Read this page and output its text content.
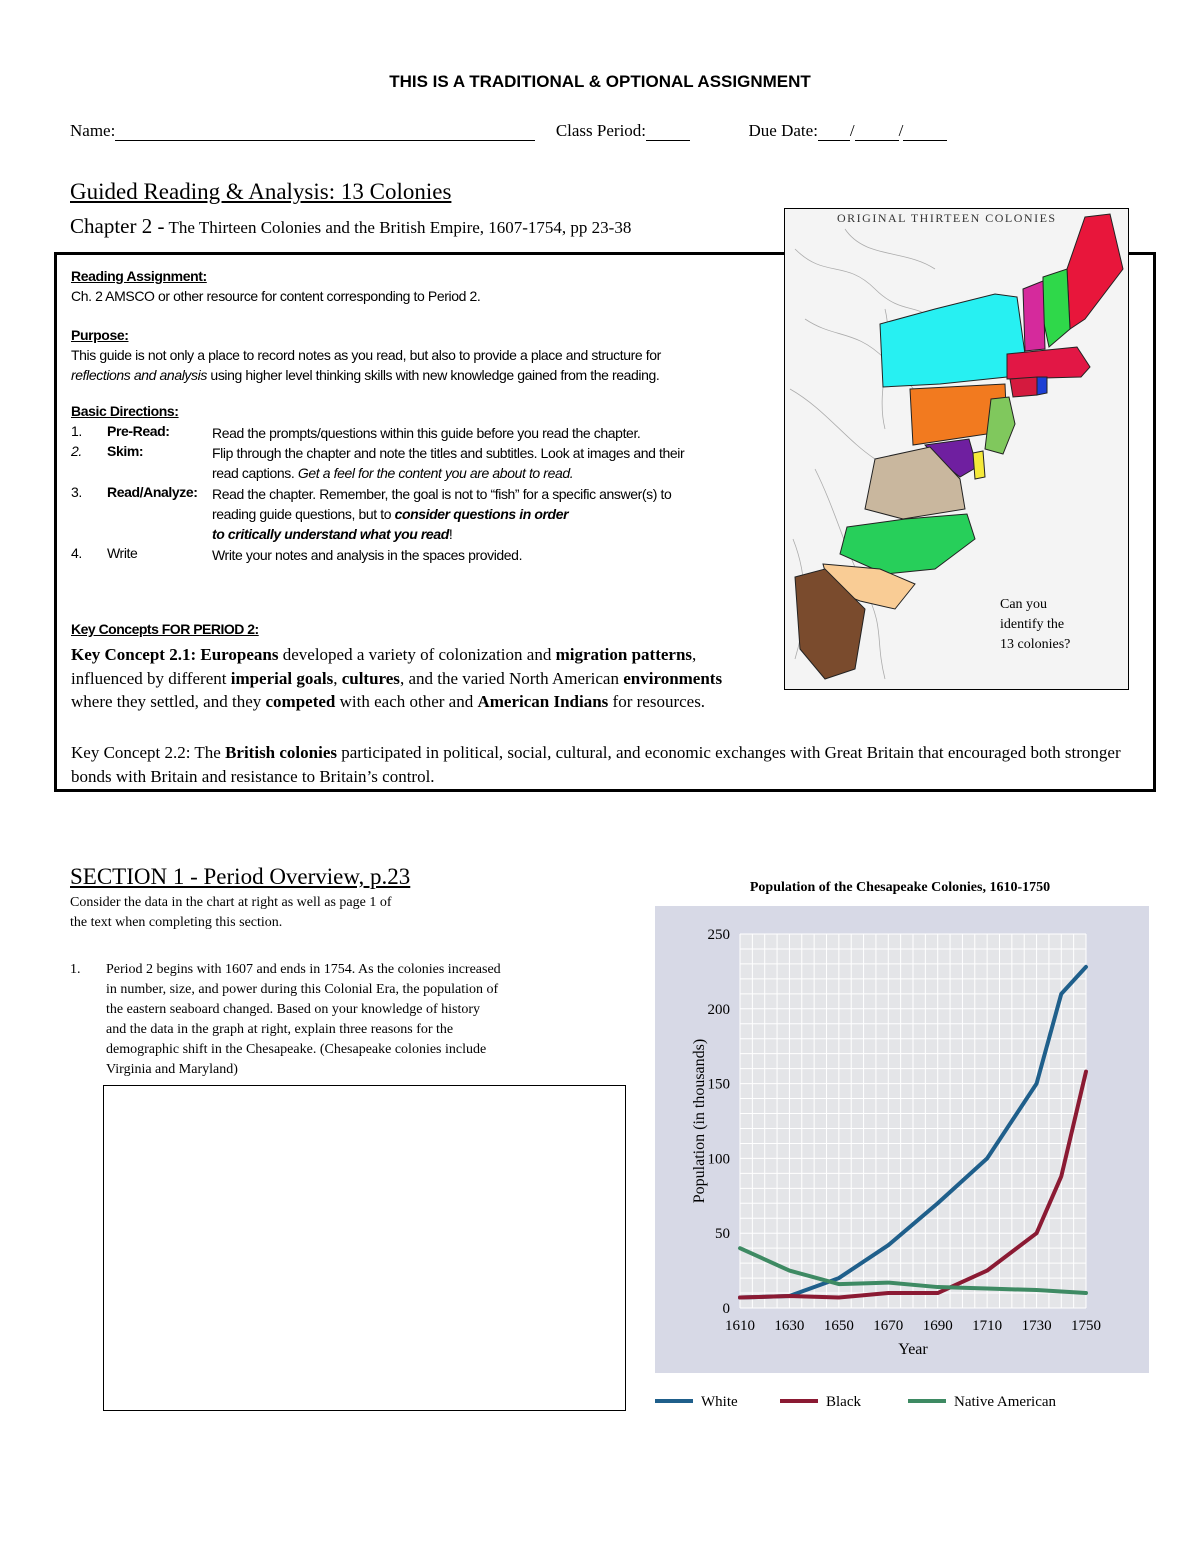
THIS IS A TRADITIONAL & OPTIONAL ASSIGNMENT
Name:	Class Period:	Due Date: /	/
Guided Reading & Analysis: 13 Colonies
Chapter 2 - The Thirteen Colonies and the British Empire, 1607-1754, pp 23-38	ORIGINAL THIRTEEN COLONIES
Can you
identify the
13 colonies?
Reading Assignment:
Ch. 2 AMSCO or other resource for content corresponding to Period 2.
Purpose:
This guide is not only a place to record notes as you read, but also to provide a place and structure for
reflections and analysis using higher level thinking skills with new knowledge gained from the reading.
Basic Directions:
1. Pre-Read:	Read the prompts/questions within this guide before you read the chapter.
2. Skim:	Flip through the chapter and note the titles and subtitles. Look at images and their
read captions. Get a feel for the content you are about to read.
3. Read/Analyze: Read the chapter. Remember, the goal is not to “fish” for a specific answer(s) to
reading guide questions, but to consider questions in order
to critically understand what you read!
4. Write	Write your notes and analysis in the spaces provided.
Key Concepts FOR PERIOD 2:
Key Concept 2.1: Europeans developed a variety of colonization and migration patterns, influenced by different imperial goals, cultures, and the varied North American environments where they settled, and they competed with each other and American Indians for resources.
Key Concept 2.2: The British colonies participated in political, social, cultural, and economic exchanges with Great Britain that encouraged both stronger bonds with Britain and resistance to Britain’s control.
SECTION 1 - Period Overview, p.23
Consider the data in the chart at right as well as page 1 of
the text when completing this section.
1. Period 2 begins with 1607 and ends in 1754. As the colonies increased
in number, size, and power during this Colonial Era, the population of
the eastern seaboard changed. Based on your knowledge of history
and the data in the graph at right, explain three reasons for the
demographic shift in the Chesapeake. (Chesapeake colonies include
Virginia and Maryland)
Population of the Chesapeake Colonies, 1610-1750
0
50
100
150
200
250
1610 1630 1650 1670 1690 1710 1730 1750
Year
Population (in thousands)
White	Black	Native American
